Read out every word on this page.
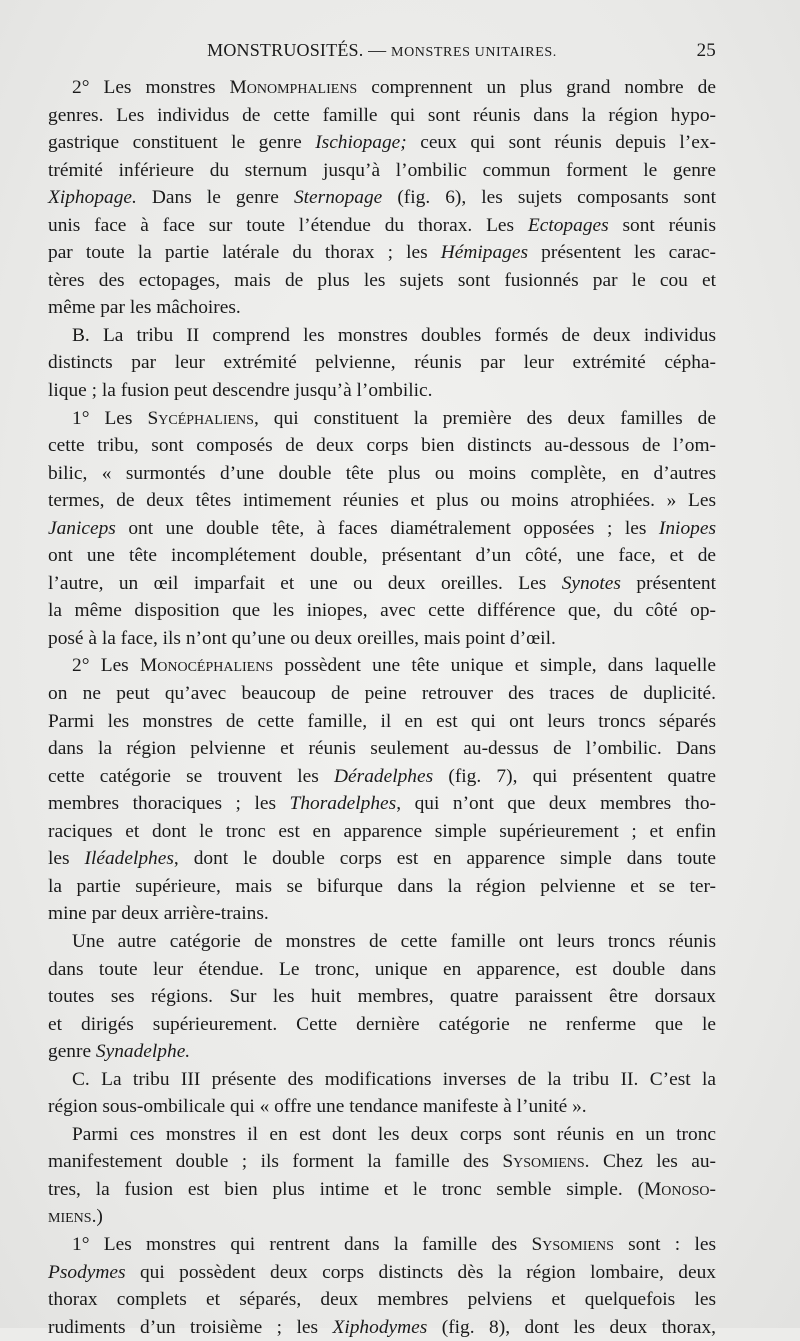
MONSTRUOSITÉS. — MONSTRES UNITAIRES.	25
2° Les monstres Monomphaliens comprennent un plus grand nombre de
genres. Les individus de cette famille qui sont réunis dans la région hypo-
gastrique constituent le genre Ischiopage; ceux qui sont réunis depuis l’ex-
trémité inférieure du sternum jusqu’à l’ombilic commun forment le genre
Xiphopage. Dans le genre Sternopage (fig. 6), les sujets composants sont
unis face à face sur toute l’étendue du thorax. Les Ectopages sont réunis
par toute la partie latérale du thorax ; les Hémipages présentent les carac-
tères des ectopages, mais de plus les sujets sont fusionnés par le cou et
même par les mâchoires.
B. La tribu II comprend les monstres doubles formés de deux individus
distincts par leur extrémité pelvienne, réunis par leur extrémité cépha-
lique ; la fusion peut descendre jusqu’à l’ombilic.
1° Les Sycéphaliens, qui constituent la première des deux familles de
cette tribu, sont composés de deux corps bien distincts au-dessous de l’om-
bilic, « surmontés d’une double tête plus ou moins complète, en d’autres
termes, de deux têtes intimement réunies et plus ou moins atrophiées. » Les
Janiceps ont une double tête, à faces diamétralement opposées ; les Iniopes
ont une tête incomplétement double, présentant d’un côté, une face, et de
l’autre, un œil imparfait et une ou deux oreilles. Les Synotes présentent
la même disposition que les iniopes, avec cette différence que, du côté op-
posé à la face, ils n’ont qu’une ou deux oreilles, mais point d’œil.
2° Les Monocéphaliens possèdent une tête unique et simple, dans laquelle
on ne peut qu’avec beaucoup de peine retrouver des traces de duplicité.
Parmi les monstres de cette famille, il en est qui ont leurs troncs séparés
dans la région pelvienne et réunis seulement au-dessus de l’ombilic. Dans
cette catégorie se trouvent les Déradelphes (fig. 7), qui présentent quatre
membres thoraciques ; les Thoradelphes, qui n’ont que deux membres tho-
raciques et dont le tronc est en apparence simple supérieurement ; et enfin
les Iléadelphes, dont le double corps est en apparence simple dans toute
la partie supérieure, mais se bifurque dans la région pelvienne et se ter-
mine par deux arrière-trains.
Une autre catégorie de monstres de cette famille ont leurs troncs réunis
dans toute leur étendue. Le tronc, unique en apparence, est double dans
toutes ses régions. Sur les huit membres, quatre paraissent être dorsaux
et dirigés supérieurement. Cette dernière catégorie ne renferme que le
genre Synadelphe.
C. La tribu III présente des modifications inverses de la tribu II. C’est la
région sous-ombilicale qui « offre une tendance manifeste à l’unité ».
Parmi ces monstres il en est dont les deux corps sont réunis en un tronc
manifestement double ; ils forment la famille des Sysomiens. Chez les au-
tres, la fusion est bien plus intime et le tronc semble simple. (Monoso-
miens.)
1° Les monstres qui rentrent dans la famille des Sysomiens sont : les
Psodymes qui possèdent deux corps distincts dès la région lombaire, deux
thorax complets et séparés, deux membres pelviens et quelquefois les
rudiments d’un troisième ; les Xiphodymes (fig. 8), dont les deux thorax,
